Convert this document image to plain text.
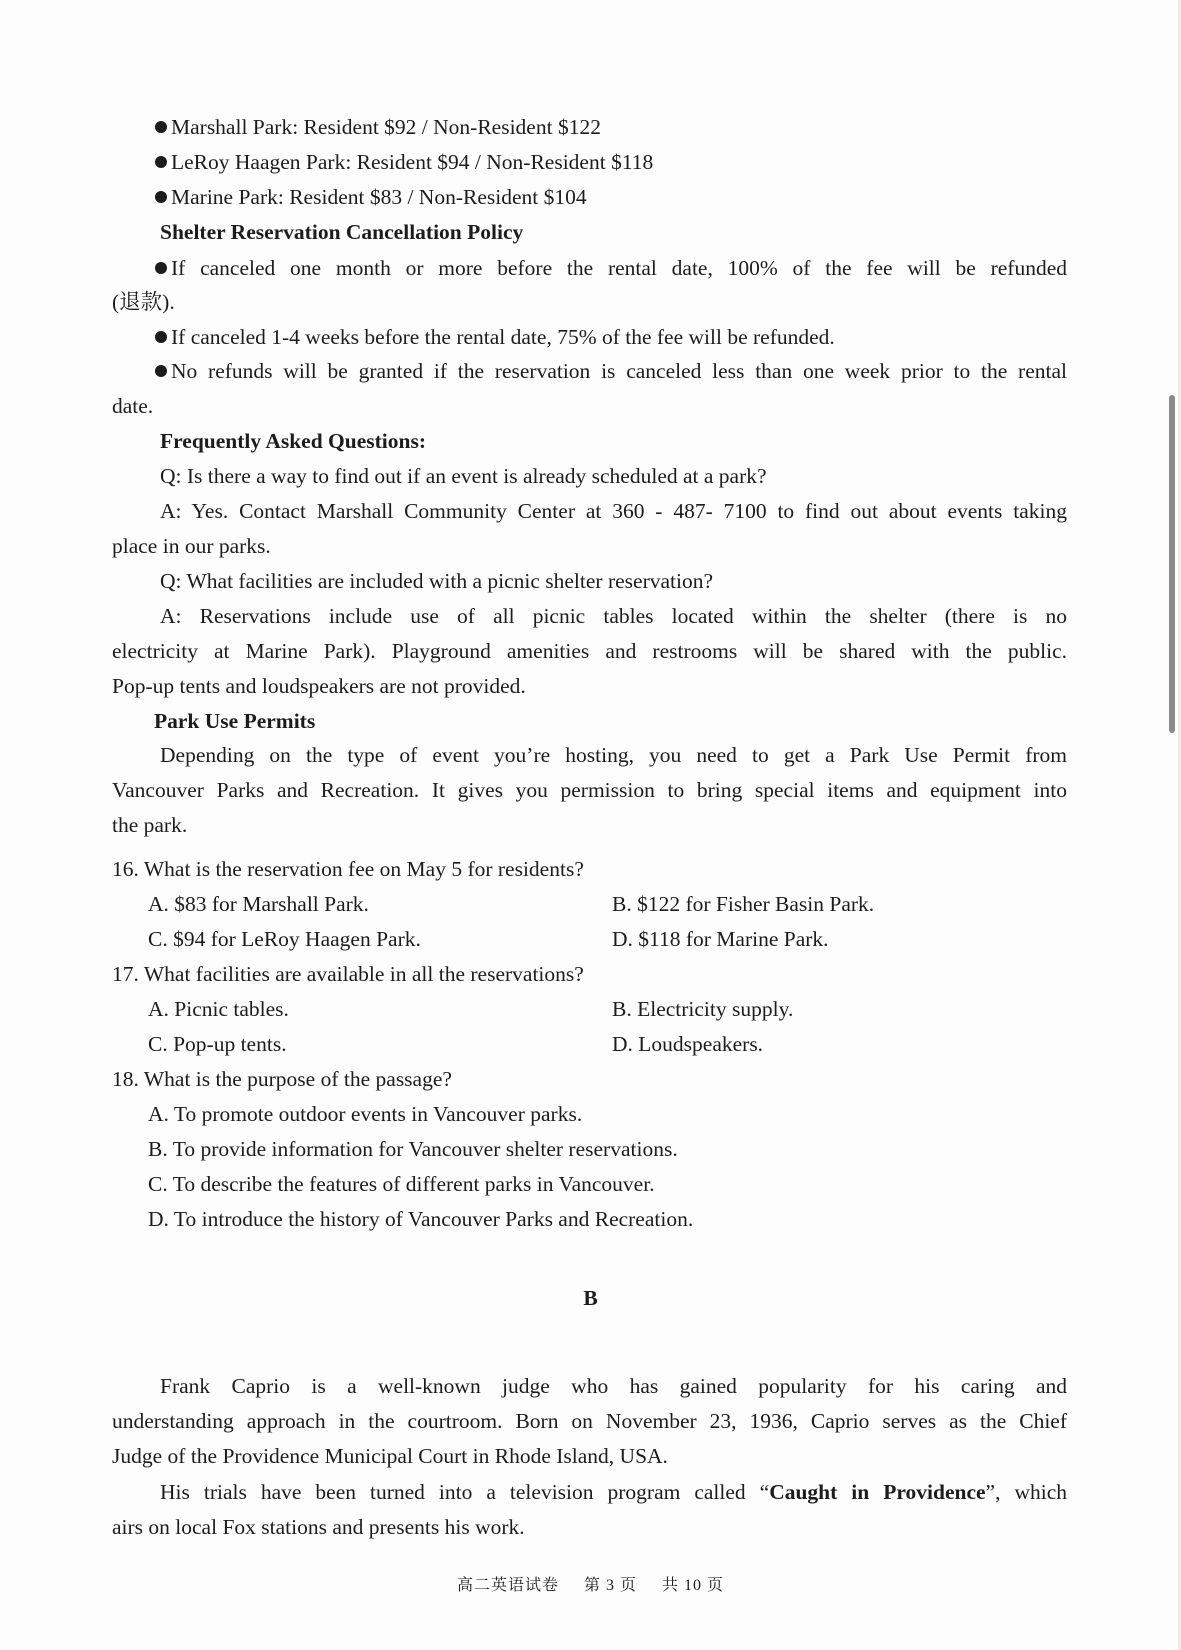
Marshall Park: Resident $92 / Non-Resident $122
LeRoy Haagen Park: Resident $94 / Non-Resident $118
Marine Park: Resident $83 / Non-Resident $104
Shelter Reservation Cancellation Policy
If canceled one month or more before the rental date, 100% of the fee will be refunded
(退款).
If canceled 1-4 weeks before the rental date, 75% of the fee will be refunded.
No refunds will be granted if the reservation is canceled less than one week prior to the rental
date.
Frequently Asked Questions:
Q: Is there a way to find out if an event is already scheduled at a park?
A: Yes. Contact Marshall Community Center at 360 - 487- 7100 to find out about events taking
place in our parks.
Q: What facilities are included with a picnic shelter reservation?
A: Reservations include use of all picnic tables located within the shelter (there is no
electricity at Marine Park). Playground amenities and restrooms will be shared with the public.
Pop-up tents and loudspeakers are not provided.
Park Use Permits
Depending on the type of event you’re hosting, you need to get a Park Use Permit from
Vancouver Parks and Recreation. It gives you permission to bring special items and equipment into
the park.
16. What is the reservation fee on May 5 for residents?
A. $83 for Marshall Park.	B. $122 for Fisher Basin Park.
C. $94 for LeRoy Haagen Park.	D. $118 for Marine Park.
17. What facilities are available in all the reservations?
A. Picnic tables.	B. Electricity supply.
C. Pop-up tents.	D. Loudspeakers.
18. What is the purpose of the passage?
A. To promote outdoor events in Vancouver parks.
B. To provide information for Vancouver shelter reservations.
C. To describe the features of different parks in Vancouver.
D. To introduce the history of Vancouver Parks and Recreation.
B
Frank Caprio is a well-known judge who has gained popularity for his caring and
understanding approach in the courtroom. Born on November 23, 1936, Caprio serves as the Chief
Judge of the Providence Municipal Court in Rhode Island, USA.
His trials have been turned into a television program called “Caught in Providence”, which
airs on local Fox stations and presents his work.
高二英语试卷 第 3 页 共 10 页
